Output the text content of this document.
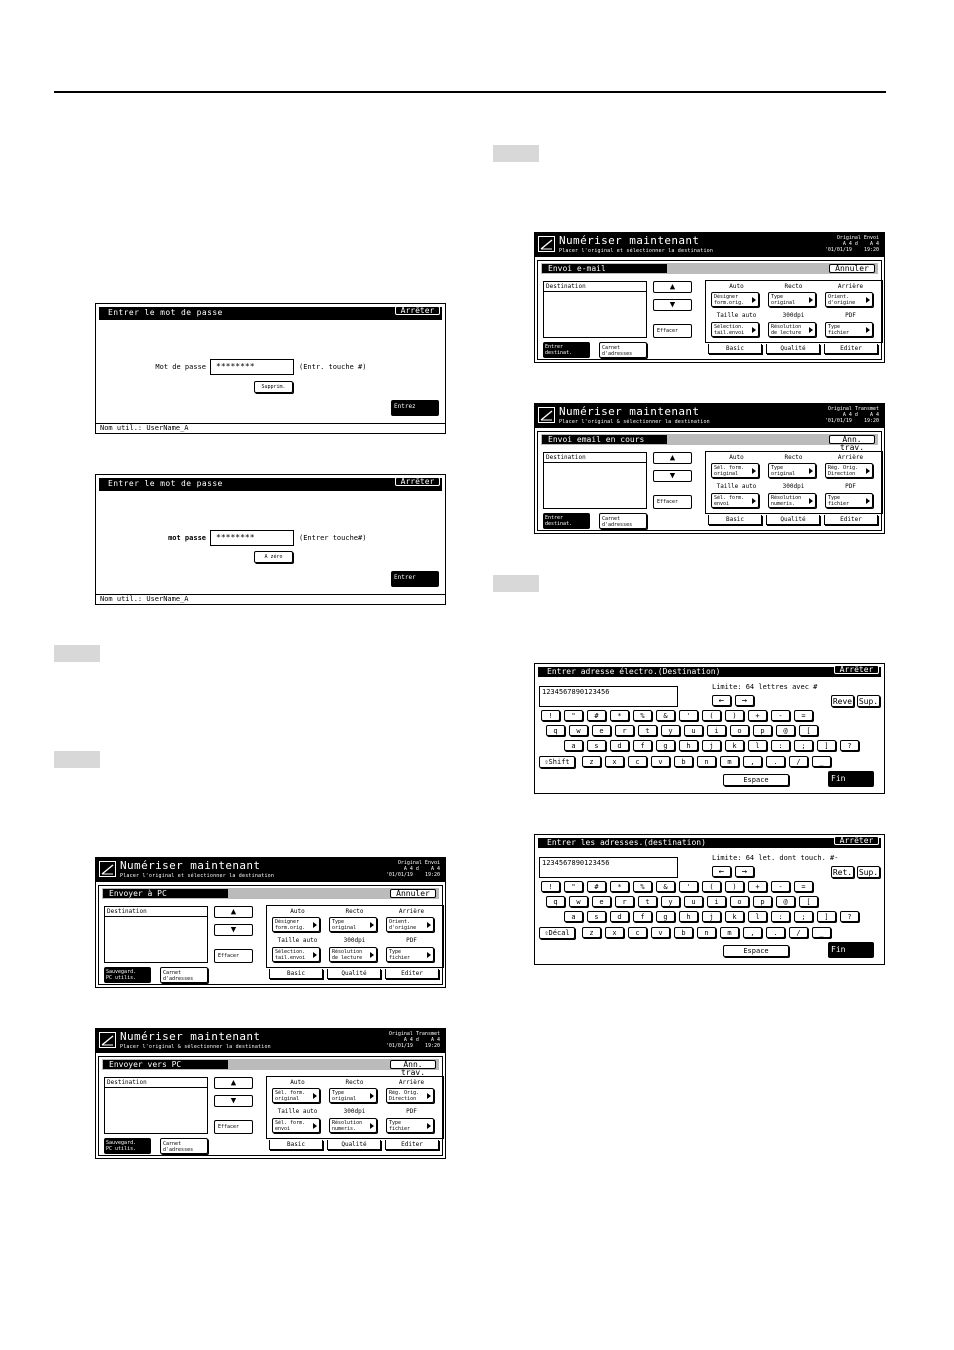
Entrer le mot de passe	Arrêter
Mot de passe	********	(Entr. touche #)
Supprim.
Entrez
Nom util.: UserName_A
Entrer le mot de passe	Arrêter
mot passe	********	(Entrer touche#)
A zéro
Entrer
Nom util.: UserName_A
Numériser maintenant
Placer l'original et sélectionner la destination
Original Envoi
A 4 d    A 4
'01/01/19    19:20
Envoi e-mail	Annuler
Destination	▲
▼
Effacer
Entrer
destinat.
Carnet
d'adresses
Auto
Désigner
form.orig.
Taille auto
Sélection.
tail.envoi
Recto
Type
original
300dpi
Résolution
de lecture
Arrière
Orient.
d'origine
PDF
Type
fichier
Basic	Qualité	Editer
Numériser maintenant
Placer l'original & sélectionner la destination
Original Transmet
A 4 d    A 4
'01/01/19    19:20
Envoi email en cours	Ann. trav.
Destination	▲
▼
Effacer
Entrer
destinat.
Carnet
d'adresses
Auto
Sél. form.
original
Taille auto
Sél. form.
envoi
Recto
Type
original
300dpi
Résolution
numeris.
Arrière
Rég. Orig.
Direction
PDF
Type
fichier
Basic	Qualité	Editer
Numériser maintenant
Placer l'original et sélectionner la destination
Original Envoi
A 4 d    A 4
'01/01/19    19:20
Envoyer à PC	Annuler
Destination	▲
▼
Effacer
Sauvegard.
PC utilis.
Carnet
d'adresses
Auto
Désigner
form.orig.
Taille auto
Sélection.
tail.envoi
Recto
Type
original
300dpi
Résolution
de lecture
Arrière
Orient.
d'origine
PDF
Type
fichier
Basic	Qualité	Editer
Numériser maintenant
Placer l'original & sélectionner la destination
Original Transmet
A 4 d    A 4
'01/01/19    19:20
Envoyer vers PC	Ann. trav.
Destination	▲
▼
Effacer
Sauvegard.
PC utilis.
Carnet
d'adresses
Auto
Sél. form.
original
Taille auto
Sél. form.
envoi
Recto
Type
original
300dpi
Résolution
numeris.
Arrière
Rég. Orig.
Direction
PDF
Type
fichier
Basic	Qualité	Editer
Entrer adresse électro.(Destination)	Arrêter
1234567890123456
Limite: 64 lettres avec #
←	→	Reve Sup.
!	"	#	*	%	&	'	(	)	+	-	=
q	w	e	r	t	y	u	i	o	p	@	[
a	s	d	f	g	h	j	k	l	:	;	]	?
z	x	c	v	b	n	m	,	.	/	_
⇧Shift
Espace	Fin
Entrer les adresses.(destination)	Arrêter
1234567890123456
Limite: 64 let. dont touch. #-
←	→	Ret. Sup.
!	"	#	*	%	&	'	(	)	+	-	=
q	w	e	r	t	y	u	i	o	p	@	[
a	s	d	f	g	h	j	k	l	:	;	]	?
z	x	c	v	b	n	m	,	.	/	_
⇧Décal
Espace	Fin
